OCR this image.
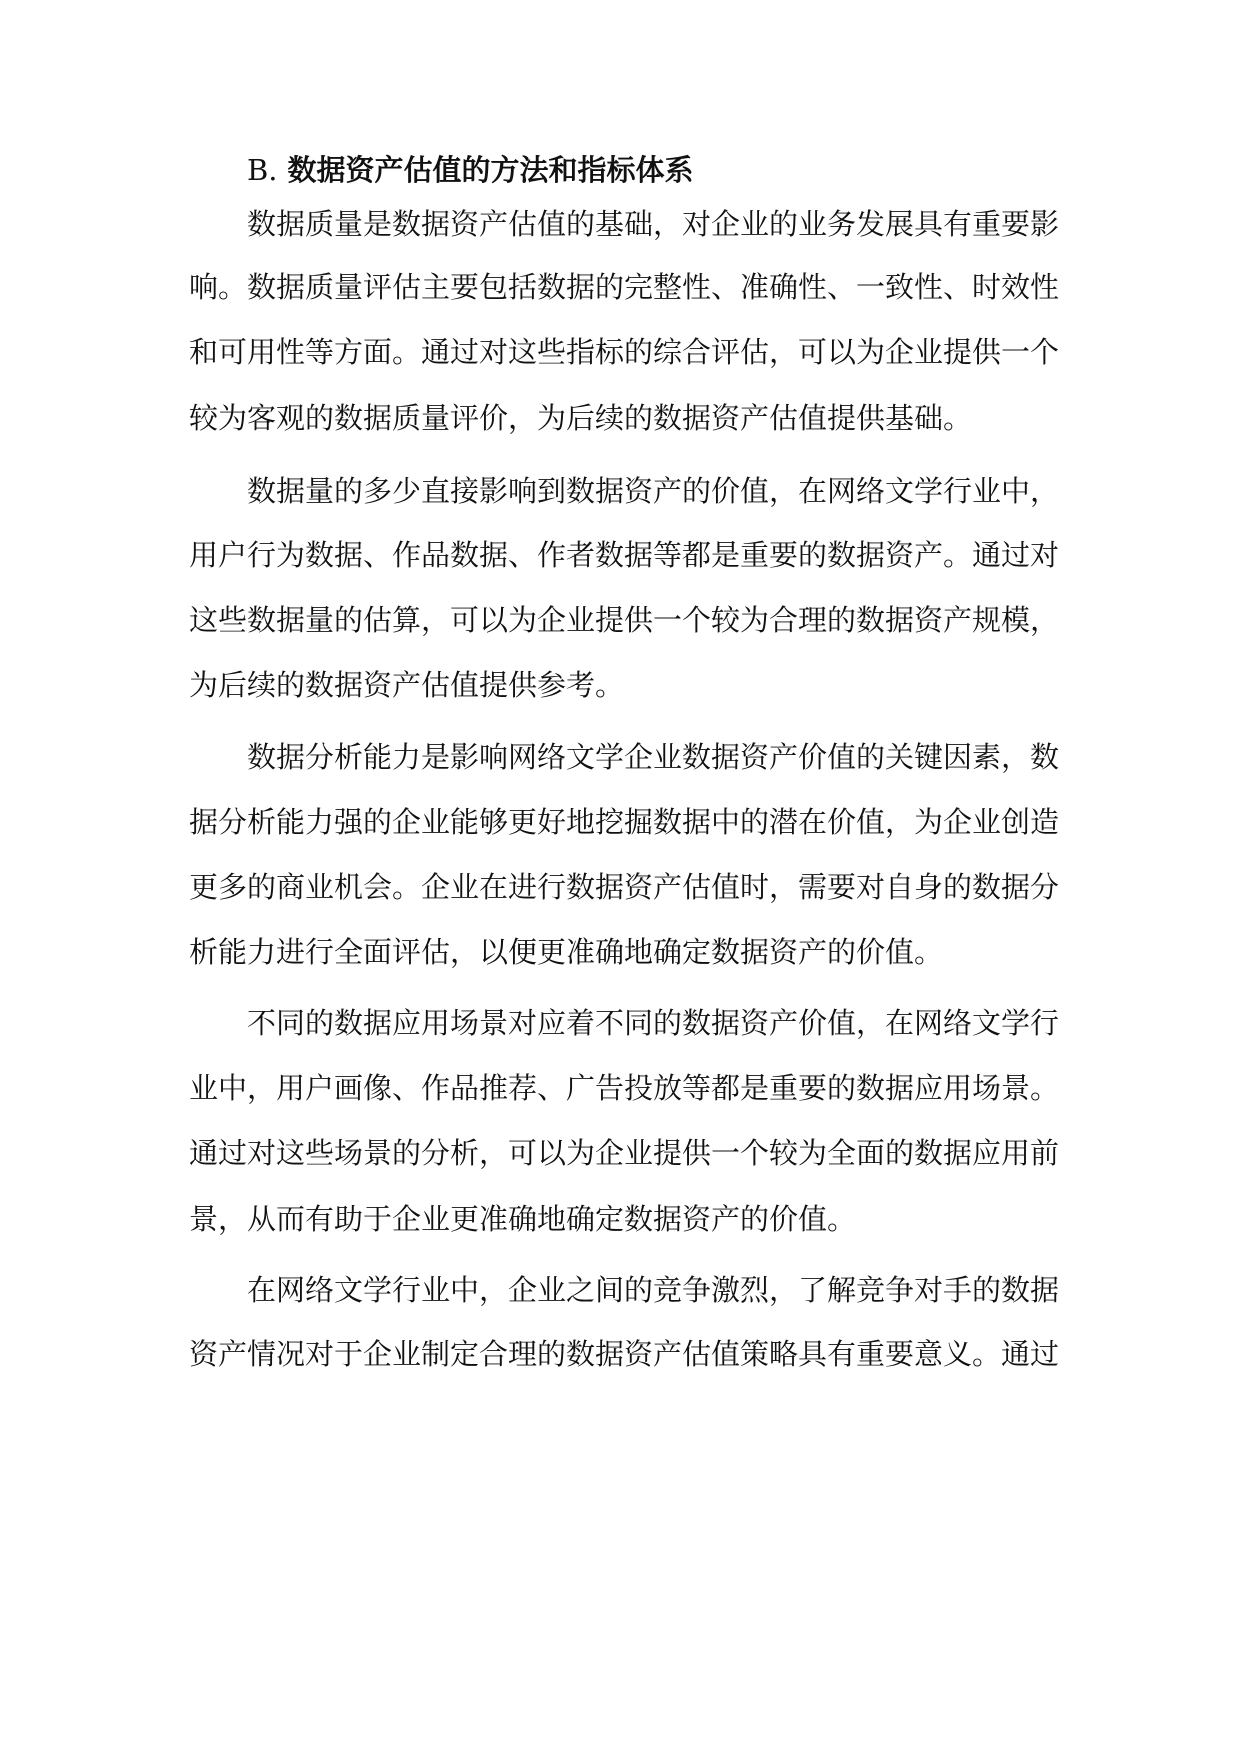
B. 数据资产估值的方法和指标体系
数据质量是数据资产估值的基础，对企业的业务发展具有重要影
响。数据质量评估主要包括数据的完整性、准确性、一致性、时效性
和可用性等方面。通过对这些指标的综合评估，可以为企业提供一个
较为客观的数据质量评价，为后续的数据资产估值提供基础。
数据量的多少直接影响到数据资产的价值，在网络文学行业中，
用户行为数据、作品数据、作者数据等都是重要的数据资产。通过对
这些数据量的估算，可以为企业提供一个较为合理的数据资产规模，
为后续的数据资产估值提供参考。
数据分析能力是影响网络文学企业数据资产价值的关键因素，数
据分析能力强的企业能够更好地挖掘数据中的潜在价值，为企业创造
更多的商业机会。企业在进行数据资产估值时，需要对自身的数据分
析能力进行全面评估，以便更准确地确定数据资产的价值。
不同的数据应用场景对应着不同的数据资产价值，在网络文学行
业中，用户画像、作品推荐、广告投放等都是重要的数据应用场景。
通过对这些场景的分析，可以为企业提供一个较为全面的数据应用前
景，从而有助于企业更准确地确定数据资产的价值。
在网络文学行业中，企业之间的竞争激烈，了解竞争对手的数据
资产情况对于企业制定合理的数据资产估值策略具有重要意义。通过
